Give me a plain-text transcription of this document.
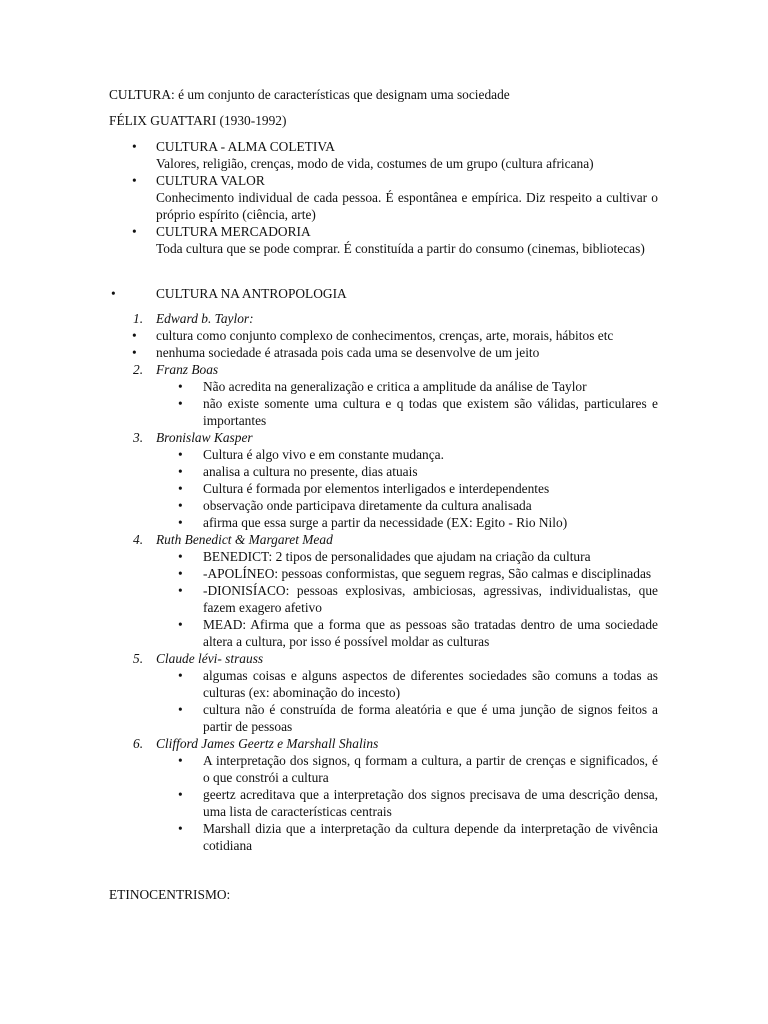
CULTURA: é um conjunto de características que designam uma sociedade

FÉLIX GUATTARI (1930-1992)

• CULTURA - ALMA COLETIVA
Valores, religião, crenças, modo de vida, costumes de um grupo (cultura africana)
• CULTURA VALOR
Conhecimento individual de cada pessoa. É espontânea e empírica. Diz respeito a cultivar o próprio espírito (ciência, arte)
• CULTURA MERCADORIA
Toda cultura que se pode comprar. É constituída a partir do consumo (cinemas, bibliotecas)
•	CULTURA NA ANTROPOLOGIA
1. Edward b. Taylor:
• cultura como conjunto complexo de conhecimentos, crenças, arte, morais, hábitos etc
• nenhuma sociedade é atrasada pois cada uma se desenvolve de um jeito
2. Franz Boas
• Não acredita na generalização e critica a amplitude da análise de Taylor
• não existe somente uma cultura e q todas que existem são válidas, particulares e importantes
3. Bronislaw Kasper
• Cultura é algo vivo e em constante mudança.
• analisa a cultura no presente, dias atuais
• Cultura é formada por elementos interligados e interdependentes
• observação onde participava diretamente da cultura analisada
• afirma que essa surge a partir da necessidade (EX: Egito - Rio Nilo)
4. Ruth Benedict & Margaret Mead
• BENEDICT: 2 tipos de personalidades que ajudam na criação da cultura
• -APOLÍNEO: pessoas conformistas, que seguem regras, São calmas e disciplinadas
• -DIONISÍACO: pessoas explosivas, ambiciosas, agressivas, individualistas, que fazem exagero afetivo
• MEAD: Afirma que a forma que as pessoas são tratadas dentro de uma sociedade altera a cultura, por isso é possível moldar as culturas
5. Claude lévi- strauss
• algumas coisas e alguns aspectos de diferentes sociedades são comuns a todas as culturas (ex: abominação do incesto)
• cultura não é construída de forma aleatória e que é uma junção de signos feitos a partir de pessoas
6. Clifford James Geertz e Marshall Shalins
• A interpretação dos signos, q formam a cultura, a partir de crenças e significados, é o que constrói a cultura
• geertz acreditava que a interpretação dos signos precisava de uma descrição densa, uma lista de características centrais
• Marshall dizia que a interpretação da cultura depende da interpretação de vivência cotidiana

ETINOCENTRISMO:
